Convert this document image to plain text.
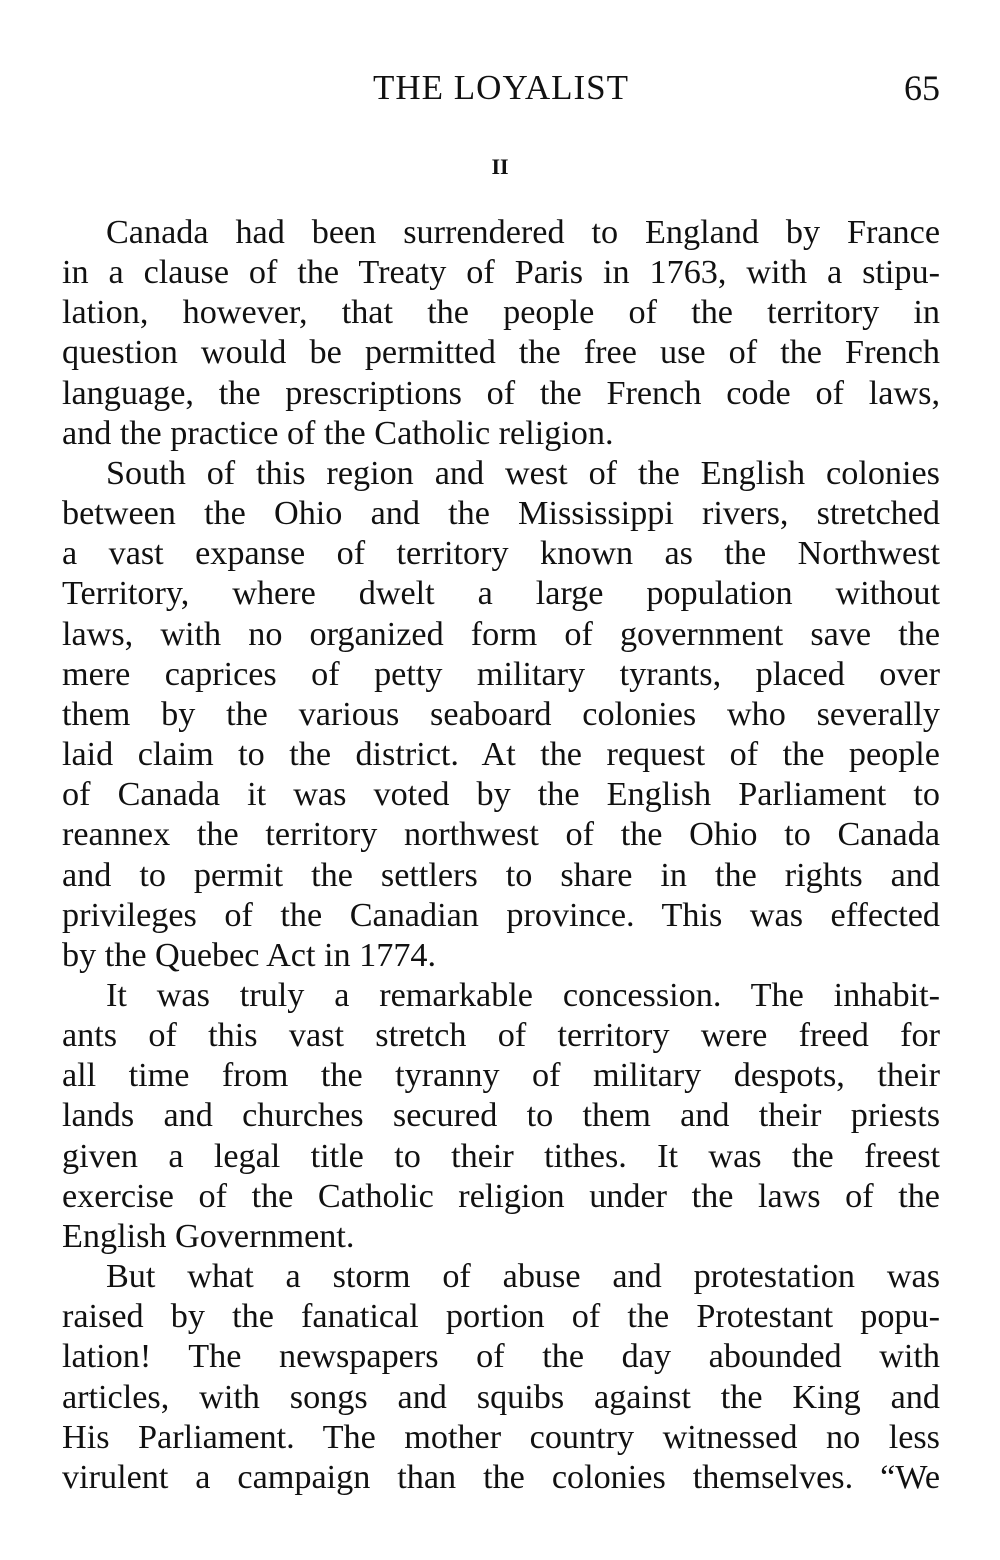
THE LOYALIST	65
II

Canada had been surrendered to England by France
in a clause of the Treaty of Paris in 1763, with a stipu-
lation, however, that the people of the territory in
question would be permitted the free use of the French
language, the prescriptions of the French code of laws,
and the practice of the Catholic religion.

South of this region and west of the English colonies
between the Ohio and the Mississippi rivers, stretched
a vast expanse of territory known as the Northwest
Territory, where dwelt a large population without
laws, with no organized form of government save the
mere caprices of petty military tyrants, placed over
them by the various seaboard colonies who severally
laid claim to the district. At the request of the people
of Canada it was voted by the English Parliament to
reannex the territory northwest of the Ohio to Canada
and to permit the settlers to share in the rights and
privileges of the Canadian province. This was effected
by the Quebec Act in 1774.

It was truly a remarkable concession. The inhabit-
ants of this vast stretch of territory were freed for
all time from the tyranny of military despots, their
lands and churches secured to them and their priests
given a legal title to their tithes. It was the freest
exercise of the Catholic religion under the laws of the
English Government.

But what a storm of abuse and protestation was
raised by the fanatical portion of the Protestant popu-
lation! The newspapers of the day abounded with
articles, with songs and squibs against the King and
His Parliament. The mother country witnessed no less
virulent a campaign than the colonies themselves. “We
